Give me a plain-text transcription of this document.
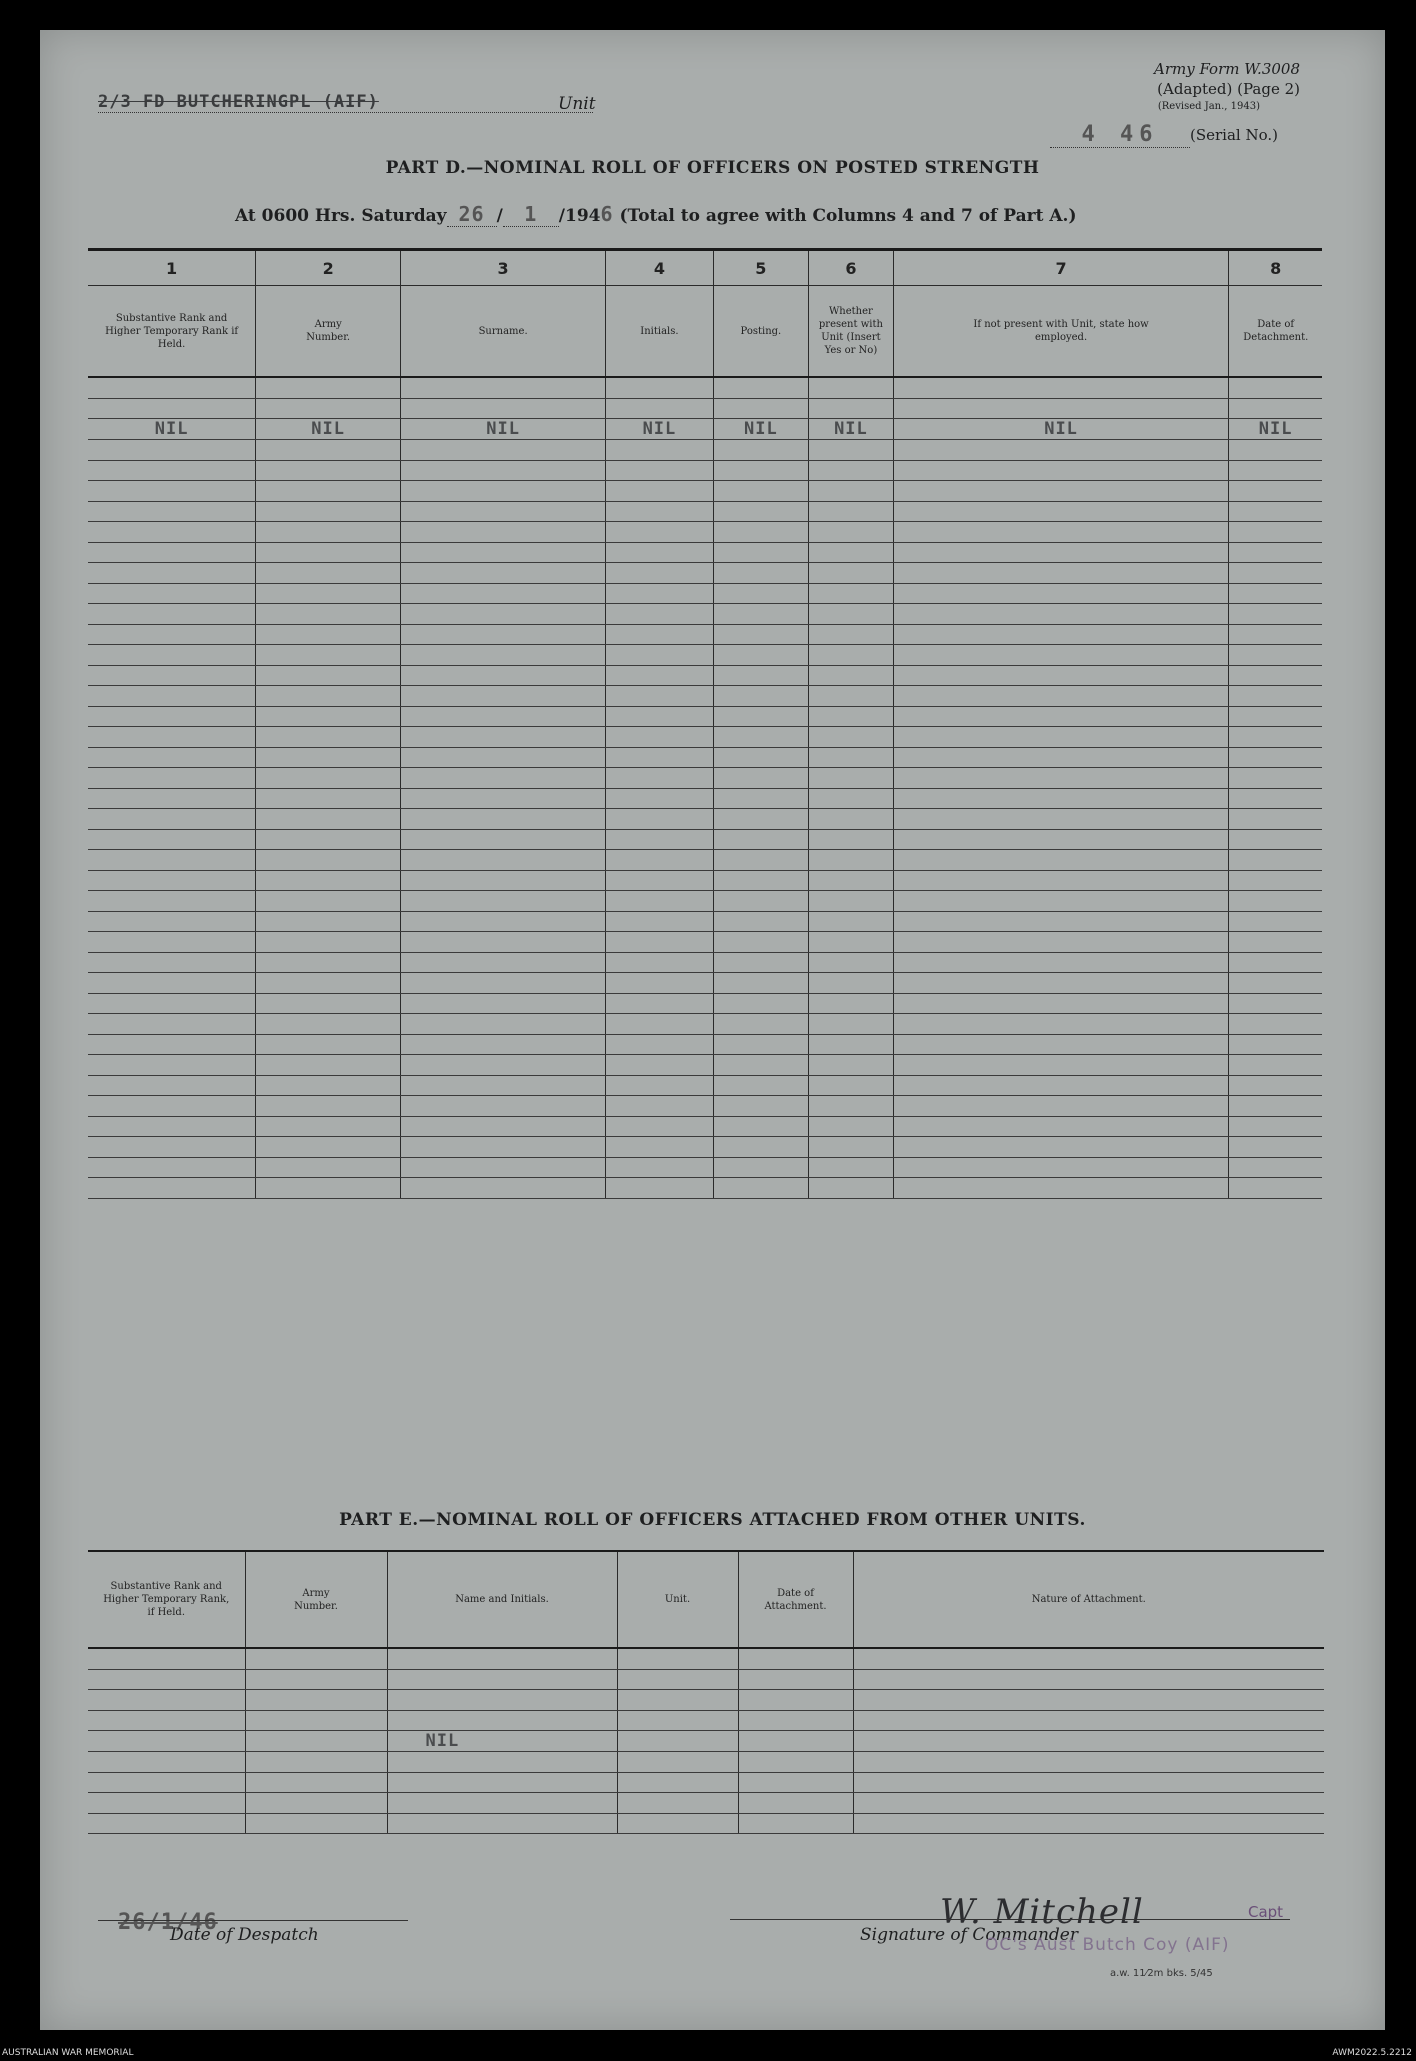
2/3 FD BUTCHERINGPL (AIF)	Unit
Army Form W.3008
(Adapted) (Page 2)
(Revised Jan., 1943)
4 46	(Serial No.)
PART D.—NOMINAL ROLL OF OFFICERS ON POSTED STRENGTH
At 0600 Hrs. Saturday 26 / 1 /1946 (Total to agree with Columns 4 and 7 of Part A.)
1	2	3	4	5	6	7	8

Substantive Rank and Higher Temporary Rank if Held.	Army Number.	Surname.	Initials.	Posting.	Whether present with Unit (Insert Yes or No)	If not present with Unit, state how employed.	Date of Detachment.

NIL	NIL	NIL	NIL	NIL	NIL	NIL	NIL

PART E.—NOMINAL ROLL OF OFFICERS ATTACHED FROM OTHER UNITS.
Substantive Rank and Higher Temporary Rank, if Held.	Army Number.	Name and Initials.	Unit.	Date of Attachment.	Nature of Attachment.

		NIL			

26/1/46
Date of Despatch
W. Mitchell	Capt
Signature of Commander
OC's Aust Butch Coy (AIF)
a.w. 11⁄2m bks. 5/45
AUSTRALIAN WAR MEMORIAL	AWM2022.5.2212
